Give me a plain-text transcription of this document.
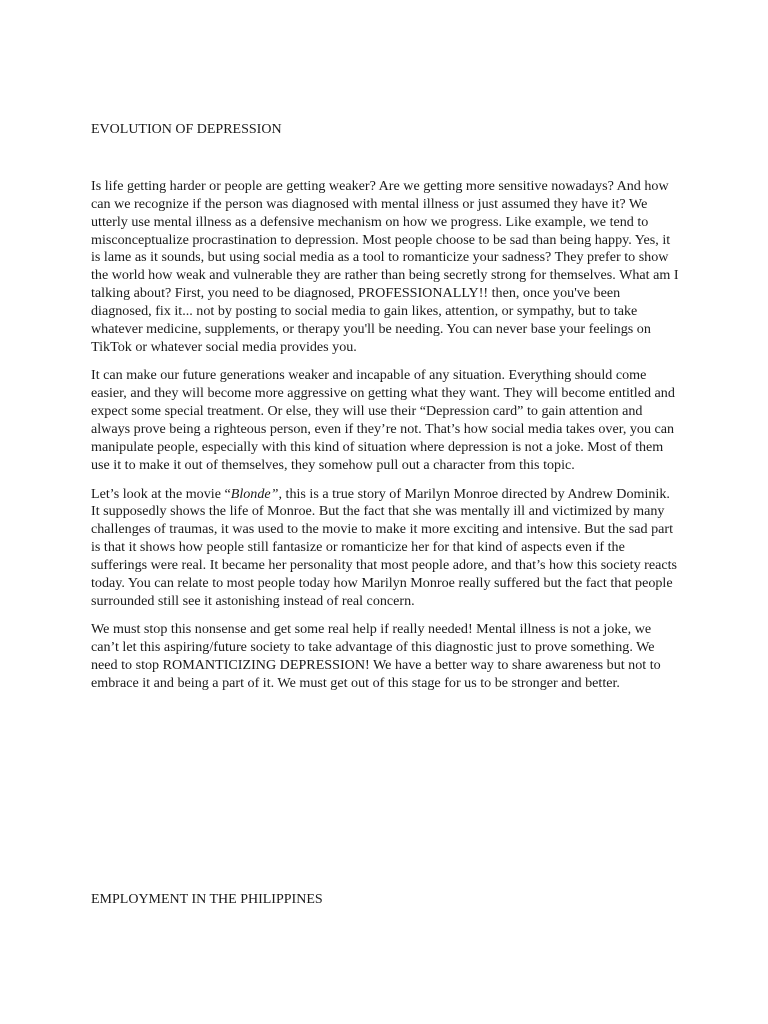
EVOLUTION OF DEPRESSION

Is life getting harder or people are getting weaker? Are we getting more sensitive nowadays? And how can we recognize if the person was diagnosed with mental illness or just assumed they have it? We utterly use mental illness as a defensive mechanism on how we progress. Like example, we tend to misconceptualize procrastination to depression. Most people choose to be sad than being happy. Yes, it is lame as it sounds, but using social media as a tool to romanticize your sadness? They prefer to show the world how weak and vulnerable they are rather than being secretly strong for themselves. What am I talking about? First, you need to be diagnosed, PROFESSIONALLY!! then, once you've been diagnosed, fix it... not by posting to social media to gain likes, attention, or sympathy, but to take whatever medicine, supplements, or therapy you'll be needing. You can never base your feelings on TikTok or whatever social media provides you.

It can make our future generations weaker and incapable of any situation. Everything should come easier, and they will become more aggressive on getting what they want. They will become entitled and expect some special treatment. Or else, they will use their “Depression card” to gain attention and always prove being a righteous person, even if they’re not. That’s how social media takes over, you can manipulate people, especially with this kind of situation where depression is not a joke. Most of them use it to make it out of themselves, they somehow pull out a character from this topic.

Let’s look at the movie “Blonde”, this is a true story of Marilyn Monroe directed by Andrew Dominik. It supposedly shows the life of Monroe. But the fact that she was mentally ill and victimized by many challenges of traumas, it was used to the movie to make it more exciting and intensive. But the sad part is that it shows how people still fantasize or romanticize her for that kind of aspects even if the sufferings were real. It became her personality that most people adore, and that’s how this society reacts today. You can relate to most people today how Marilyn Monroe really suffered but the fact that people surrounded still see it astonishing instead of real concern.

We must stop this nonsense and get some real help if really needed! Mental illness is not a joke, we can’t let this aspiring/future society to take advantage of this diagnostic just to prove something. We need to stop ROMANTICIZING DEPRESSION! We have a better way to share awareness but not to embrace it and being a part of it. We must get out of this stage for us to be stronger and better.

EMPLOYMENT IN THE PHILIPPINES
